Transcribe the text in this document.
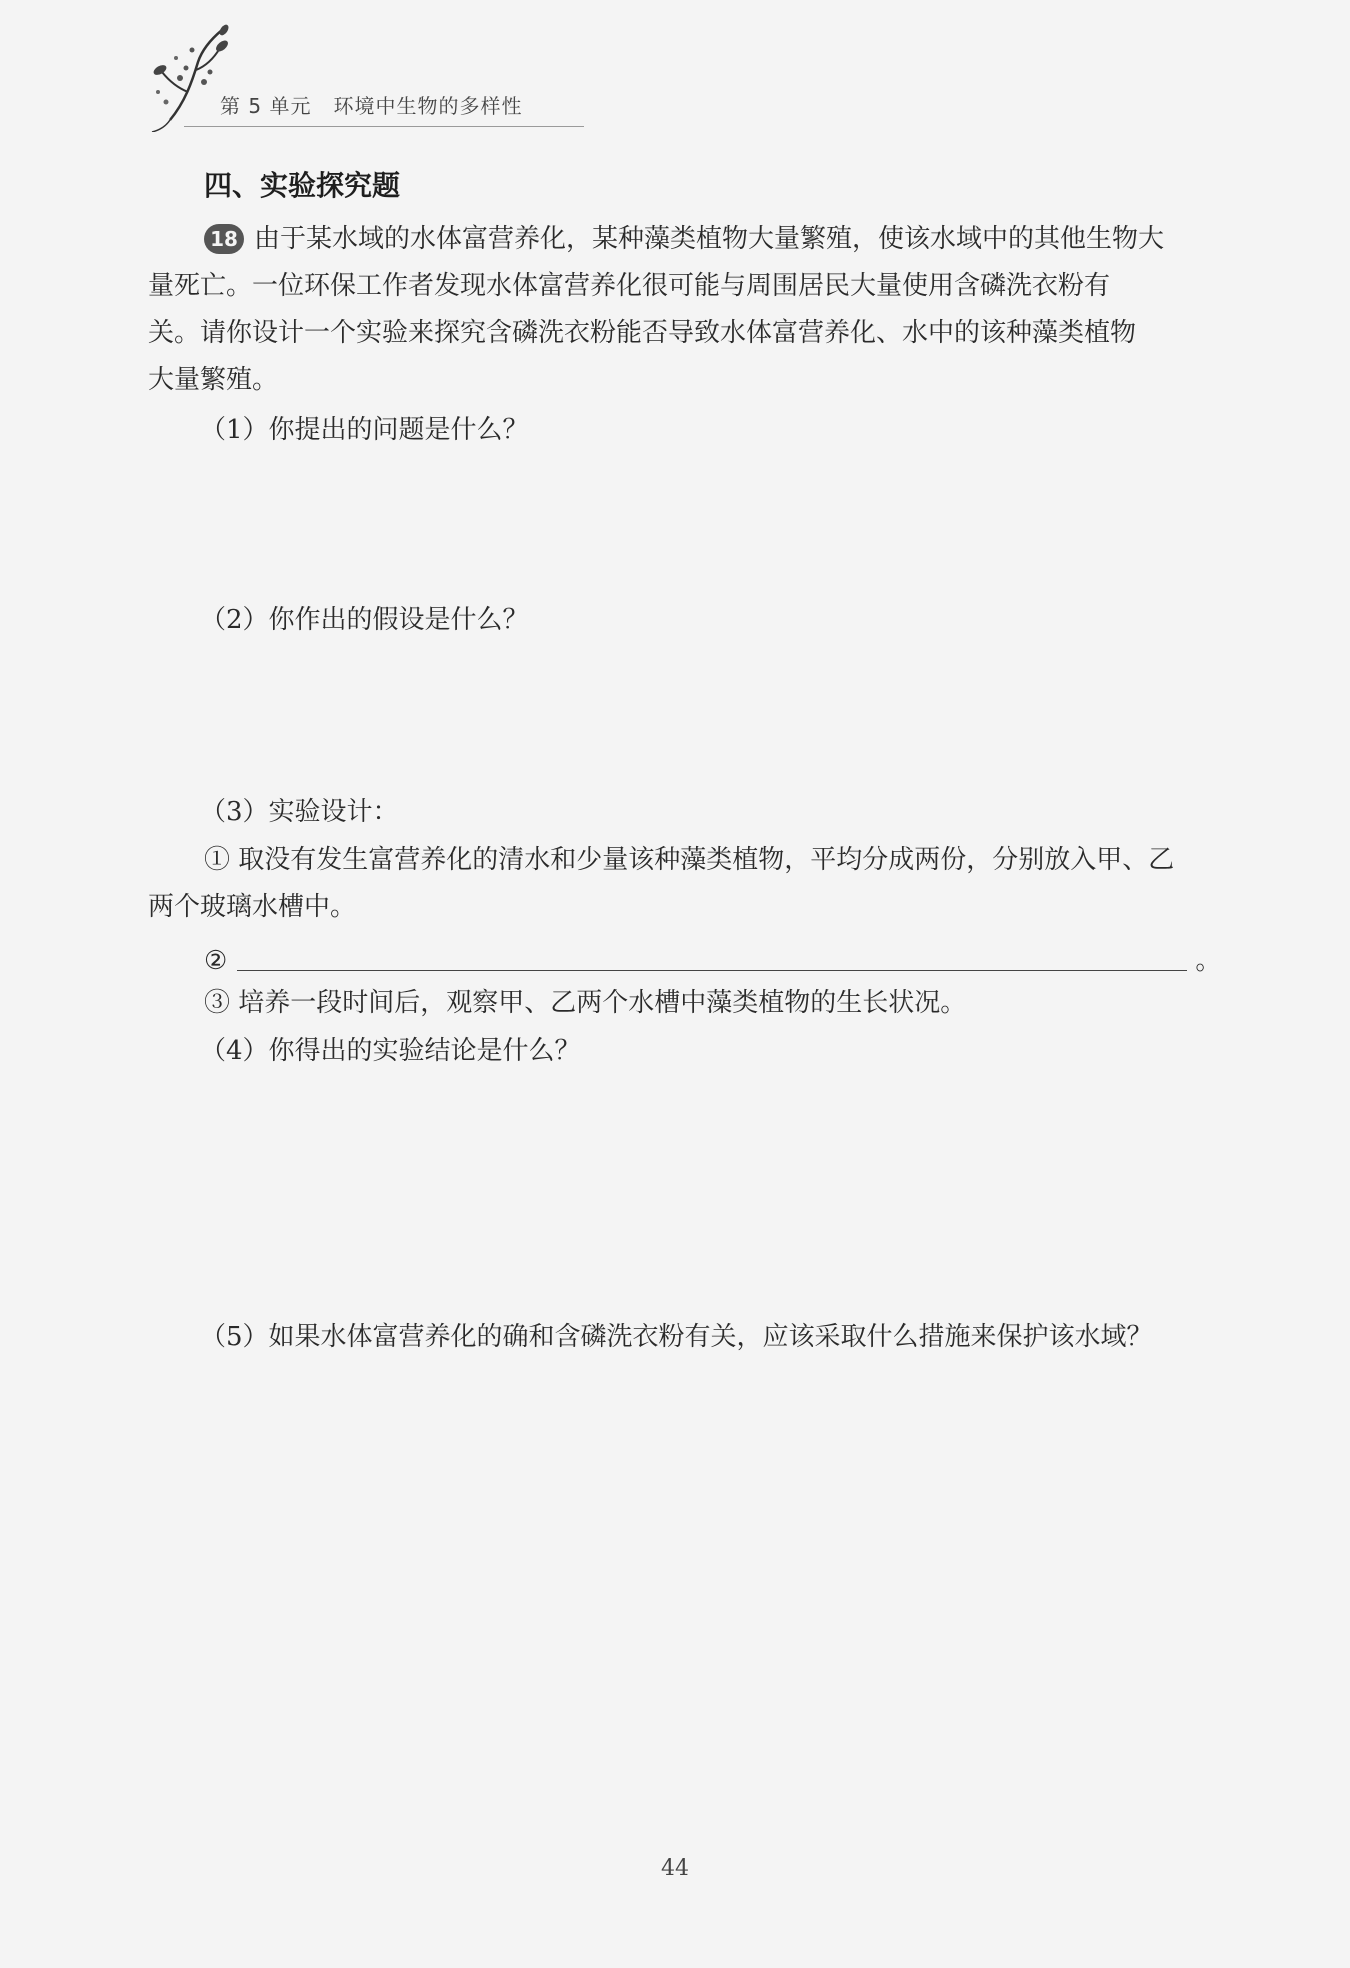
第 5 单元 环境中生物的多样性
四、实验探究题
18 由于某水域的水体富营养化，某种藻类植物大量繁殖，使该水域中的其他生物大
量死亡。一位环保工作者发现水体富营养化很可能与周围居民大量使用含磷洗衣粉有
关。请你设计一个实验来探究含磷洗衣粉能否导致水体富营养化、水中的该种藻类植物
大量繁殖。
（1）你提出的问题是什么？
（2）你作出的假设是什么？
（3）实验设计：
① 取没有发生富营养化的清水和少量该种藻类植物，平均分成两份，分别放入甲、乙
两个玻璃水槽中。
②	。
③ 培养一段时间后，观察甲、乙两个水槽中藻类植物的生长状况。
（4）你得出的实验结论是什么？
（5）如果水体富营养化的确和含磷洗衣粉有关，应该采取什么措施来保护该水域？
44
